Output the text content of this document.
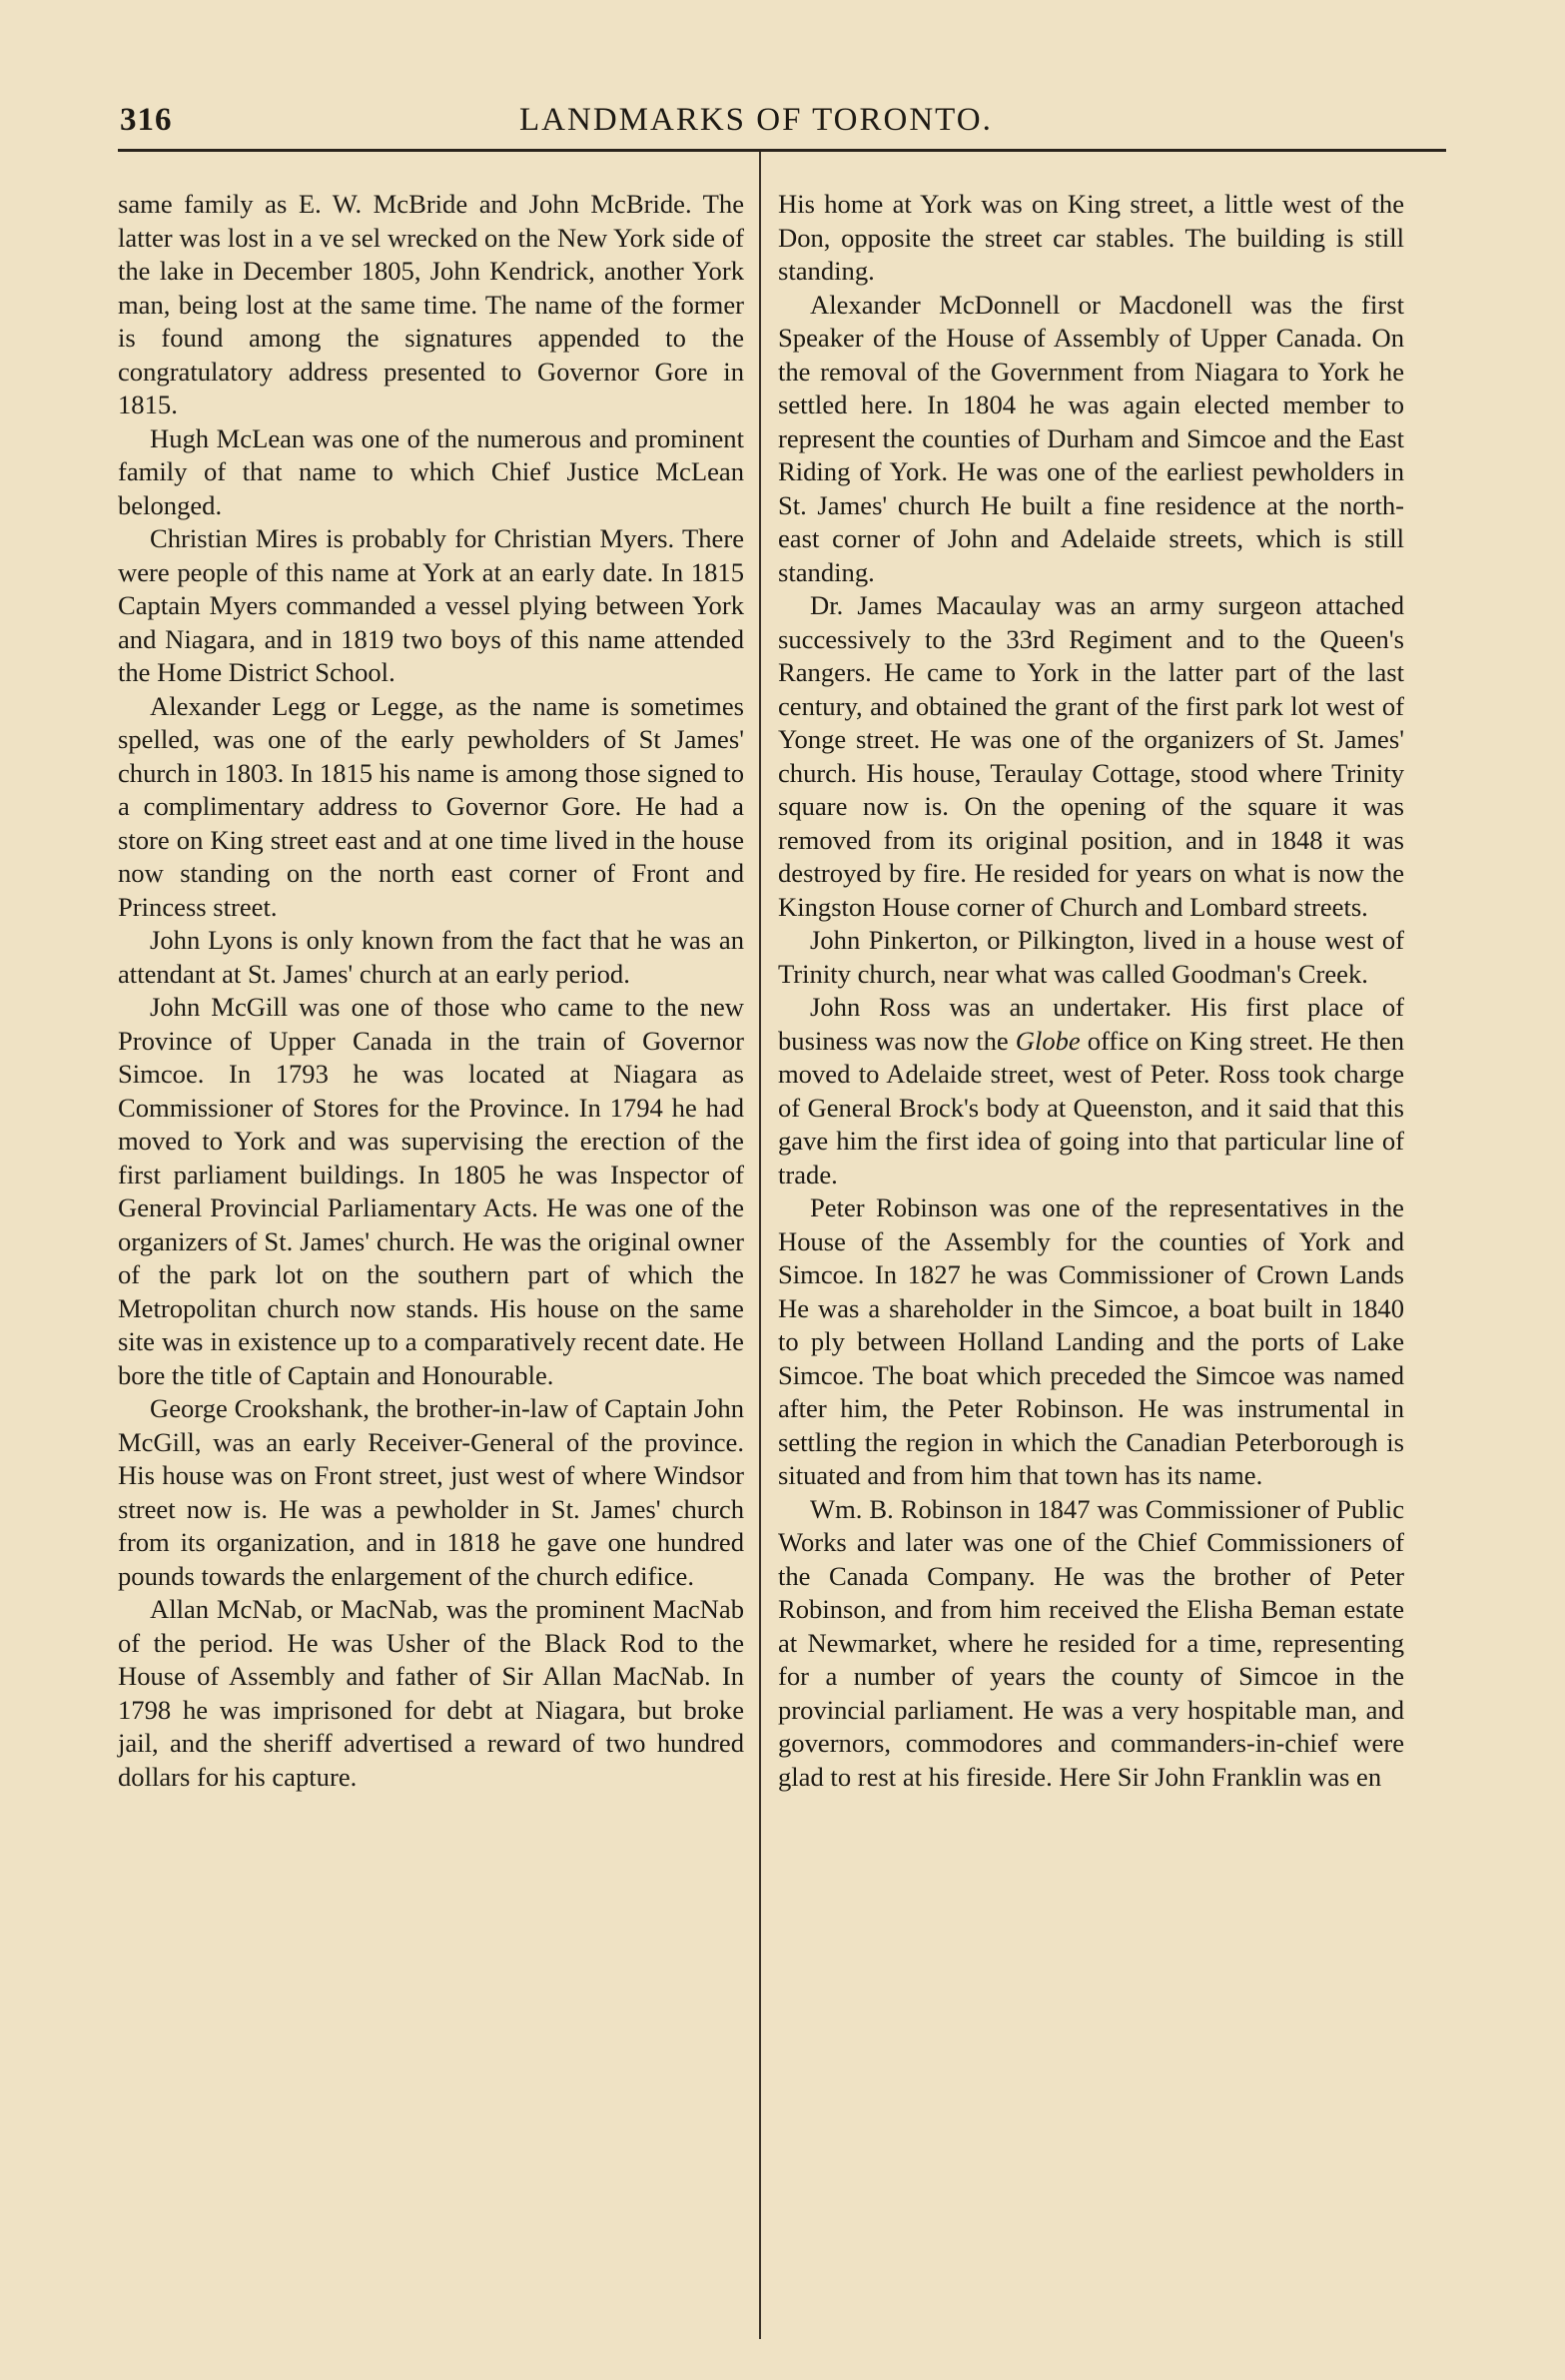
316	LANDMARKS OF TORONTO.

same family as E. W. McBride and John McBride. The latter was lost in a ve sel wrecked on the New York side of the lake in December 1805, John Kendrick, another York man, being lost at the same time. The name of the former is found among the signatures appended to the congratulatory address presented to Governor Gore in 1815.

Hugh McLean was one of the numerous and prominent family of that name to which Chief Justice McLean belonged.

Christian Mires is probably for Christian Myers. There were people of this name at York at an early date. In 1815 Captain Myers commanded a vessel plying between York and Niagara, and in 1819 two boys of this name attended the Home District School.

Alexander Legg or Legge, as the name is sometimes spelled, was one of the early pewholders of St James' church in 1803. In 1815 his name is among those signed to a complimentary address to Governor Gore. He had a store on King street east and at one time lived in the house now standing on the north east corner of Front and Princess street.

John Lyons is only known from the fact that he was an attendant at St. James' church at an early period.

John McGill was one of those who came to the new Province of Upper Canada in the train of Governor Simcoe. In 1793 he was located at Niagara as Commissioner of Stores for the Province. In 1794 he had moved to York and was supervising the erection of the first parliament buildings. In 1805 he was Inspector of General Provincial Parliamentary Acts. He was one of the organizers of St. James' church. He was the original owner of the park lot on the southern part of which the Metropolitan church now stands. His house on the same site was in existence up to a comparatively recent date. He bore the title of Captain and Honourable.

George Crookshank, the brother-in-law of Captain John McGill, was an early Receiver-General of the province. His house was on Front street, just west of where Windsor street now is. He was a pewholder in St. James' church from its organization, and in 1818 he gave one hundred pounds towards the enlargement of the church edifice.

Allan McNab, or MacNab, was the prominent MacNab of the period. He was Usher of the Black Rod to the House of Assembly and father of Sir Allan MacNab. In 1798 he was imprisoned for debt at Niagara, but broke jail, and the sheriff advertised a reward of two hundred dollars for his capture.

His home at York was on King street, a little west of the Don, opposite the street car stables. The building is still standing.

Alexander McDonnell or Macdonell was the first Speaker of the House of Assembly of Upper Canada. On the removal of the Government from Niagara to York he settled here. In 1804 he was again elected member to represent the counties of Durham and Simcoe and the East Riding of York. He was one of the earliest pewholders in St. James' church He built a fine residence at the north-east corner of John and Adelaide streets, which is still standing.

Dr. James Macaulay was an army surgeon attached successively to the 33rd Regiment and to the Queen's Rangers. He came to York in the latter part of the last century, and obtained the grant of the first park lot west of Yonge street. He was one of the organizers of St. James' church. His house, Teraulay Cottage, stood where Trinity square now is. On the opening of the square it was removed from its original position, and in 1848 it was destroyed by fire. He resided for years on what is now the Kingston House corner of Church and Lombard streets.

John Pinkerton, or Pilkington, lived in a house west of Trinity church, near what was called Goodman's Creek.

John Ross was an undertaker. His first place of business was now the Globe office on King street. He then moved to Adelaide street, west of Peter. Ross took charge of General Brock's body at Queenston, and it said that this gave him the first idea of going into that particular line of trade.

Peter Robinson was one of the representatives in the House of the Assembly for the counties of York and Simcoe. In 1827 he was Commissioner of Crown Lands He was a shareholder in the Simcoe, a boat built in 1840 to ply between Holland Landing and the ports of Lake Simcoe. The boat which preceded the Simcoe was named after him, the Peter Robinson. He was instrumental in settling the region in which the Canadian Peterborough is situated and from him that town has its name.

Wm. B. Robinson in 1847 was Commissioner of Public Works and later was one of the Chief Commissioners of the Canada Company. He was the brother of Peter Robinson, and from him received the Elisha Beman estate at Newmarket, where he resided for a time, representing for a number of years the county of Simcoe in the provincial parliament. He was a very hospitable man, and governors, commodores and commanders-in-chief were glad to rest at his fireside. Here Sir John Franklin was en
